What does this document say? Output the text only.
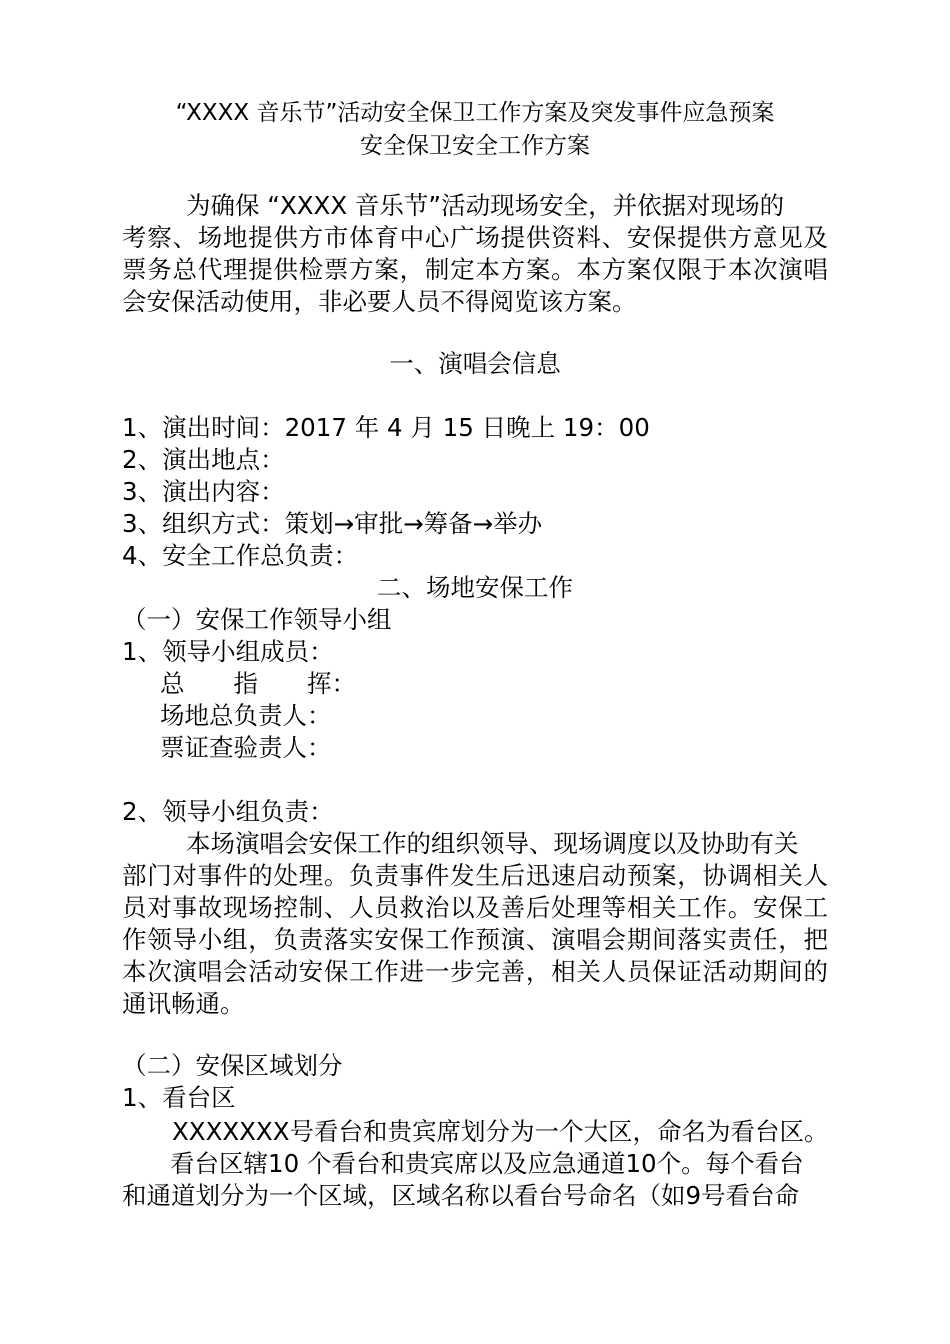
“XXXX 音乐节”活动安全保卫工作方案及突发事件应急预案
安全保卫安全工作方案
为确保 “XXXX 音乐节”活动现场安全，并依据对现场的
考察、场地提供方市体育中心广场提供资料、安保提供方意见及
票务总代理提供检票方案，制定本方案。本方案仅限于本次演唱
会安保活动使用，非必要人员不得阅览该方案。
一、演唱会信息
1、演出时间：2017 年 4 月 15 日晚上 19：00
2、演出地点：
3、演出内容：
3、组织方式：策划→审批→筹备→举办
4、安全工作总负责：
二、场地安保工作
（一）安保工作领导小组
1、领导小组成员：
总　　指　　挥：
场地总负责人：
票证查验责人：
2、领导小组负责：
本场演唱会安保工作的组织领导、现场调度以及协助有关
部门对事件的处理。负责事件发生后迅速启动预案，协调相关人
员对事故现场控制、人员救治以及善后处理等相关工作。安保工
作领导小组，负责落实安保工作预演、演唱会期间落实责任，把
本次演唱会活动安保工作进一步完善，相关人员保证活动期间的
通讯畅通。
（二）安保区域划分
1、看台区
XXXXXXX号看台和贵宾席划分为一个大区，命名为看台区。
看台区辖10 个看台和贵宾席以及应急通道10个。每个看台
和通道划分为一个区域，区域名称以看台号命名（如9号看台命
